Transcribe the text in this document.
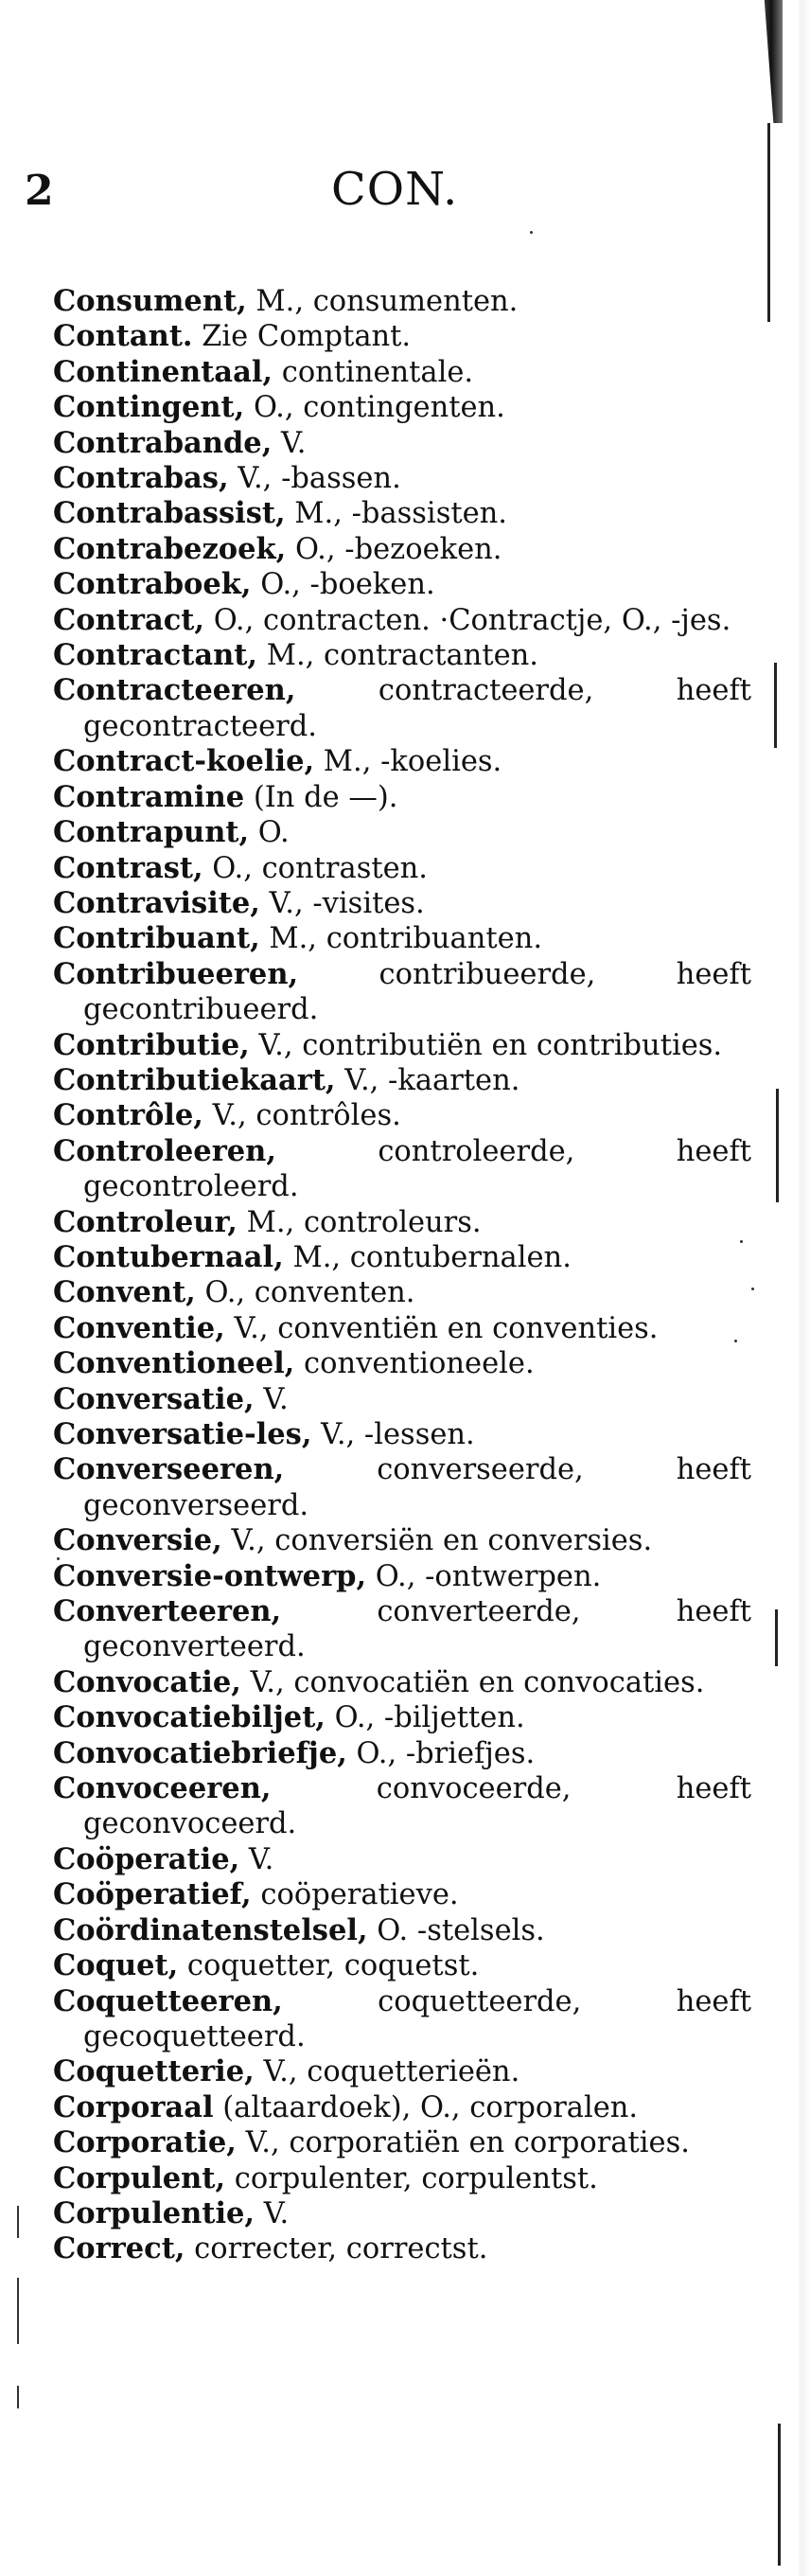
2	CON.
Consument, M., consumenten.
Contant. Zie Comptant.
Continentaal, continentale.
Contingent, O., contingenten.
Contrabande, V.
Contrabas, V., -bassen.
Contrabassist, M., -bassisten.
Contrabezoek, O., -bezoeken.
Contraboek, O., -boeken.
Contract, O., contracten. ·Contractje, O., -jes.
Contractant, M., contractanten.
Contracteeren, contracteerde, heeft gecontracteerd.
Contract-koelie, M., -koelies.
Contramine (In de —).
Contrapunt, O.
Contrast, O., contrasten.
Contravisite, V., -visites.
Contribuant, M., contribuanten.
Contribueeren, contribueerde, heeft gecontribueerd.
Contributie, V., contributiën en contributies.
Contributiekaart, V., -kaarten.
Contrôle, V., contrôles.
Controleeren, controleerde, heeft gecontroleerd.
Controleur, M., controleurs.
Contubernaal, M., contubernalen.
Convent, O., conventen.
Conventie, V., conventiën en conventies.
Conventioneel, conventioneele.
Conversatie, V.
Conversatie-les, V., -lessen.
Converseeren, converseerde, heeft geconverseerd.
Conversie, V., conversiën en conversies.
Conversie-ontwerp, O., -ontwerpen.
Converteeren, converteerde, heeft geconverteerd.
Convocatie, V., convocatiën en convocaties.
Convocatiebiljet, O., -biljetten.
Convocatiebriefje, O., -briefjes.
Convoceeren, convoceerde, heeft geconvoceerd.
Coöperatie, V.
Coöperatief, coöperatieve.
Coördinatenstelsel, O. -stelsels.
Coquet, coquetter, coquetst.
Coquetteeren, coquetteerde, heeft gecoquetteerd.
Coquetterie, V., coquetterieën.
Corporaal (altaardoek), O., corporalen.
Corporatie, V., corporatiën en corporaties.
Corpulent, corpulenter, corpulentst.
Corpulentie, V.
Correct, correcter, correctst.
